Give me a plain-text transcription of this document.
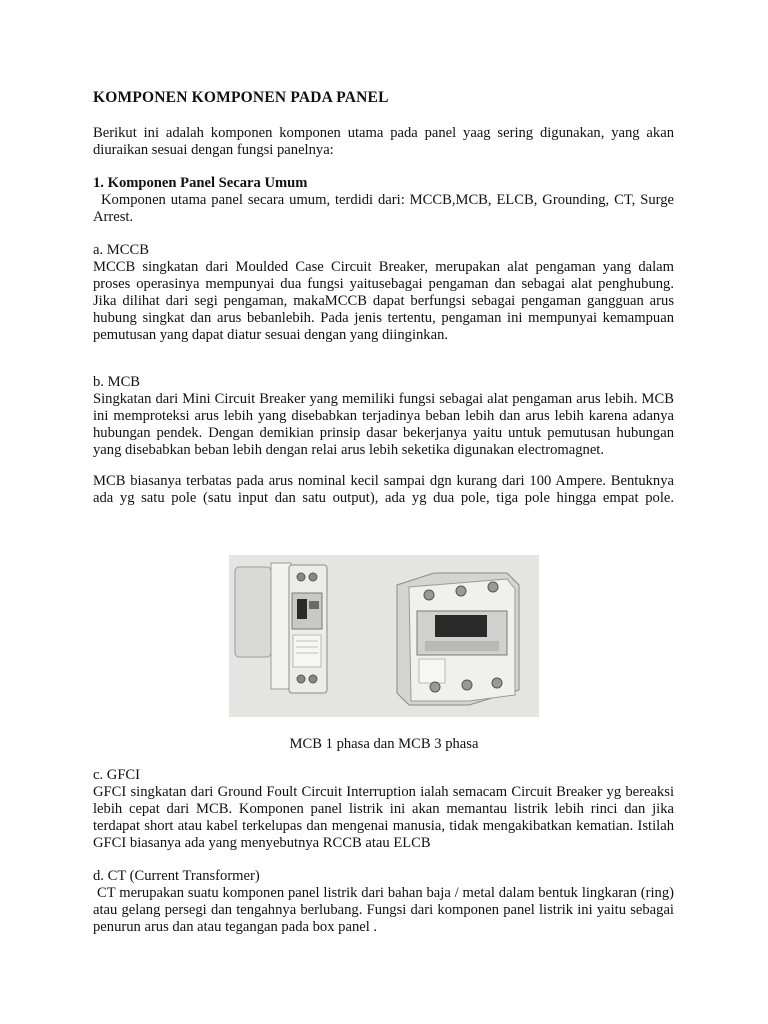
KOMPONEN KOMPONEN PADA PANEL

Berikut ini adalah komponen komponen utama pada panel yaag sering digunakan, yang akan diuraikan sesuai dengan fungsi panelnya:

1. Komponen Panel Secara Umum

Komponen utama panel secara umum, terdidi dari: MCCB,MCB, ELCB, Grounding, CT, Surge Arrest.

a. MCCB

MCCB singkatan dari Moulded Case Circuit Breaker, merupakan alat pengaman yang dalam proses operasinya mempunyai dua fungsi yaitusebagai pengaman dan sebagai alat penghubung. Jika dilihat dari segi pengaman, makaMCCB dapat berfungsi sebagai pengaman gangguan arus hubung singkat dan arus bebanlebih. Pada jenis tertentu, pengaman ini mempunyai kemampuan pemutusan yang dapat diatur sesuai dengan yang diinginkan.

b. MCB

Singkatan dari Mini Circuit Breaker yang memiliki fungsi sebagai alat pengaman arus lebih. MCB ini memproteksi arus lebih yang disebabkan terjadinya beban lebih dan arus lebih karena adanya hubungan pendek. Dengan demikian prinsip dasar bekerjanya yaitu untuk pemutusan hubungan yang disebabkan beban lebih dengan relai arus lebih seketika digunakan electromagnet.

MCB biasanya terbatas pada arus nominal kecil sampai dgn kurang dari 100 Ampere. Bentuknya ada yg satu pole (satu input dan satu output), ada yg dua pole, tiga pole hingga empat pole.

c. GFCI

GFCI singkatan dari Ground Foult Circuit Interruption ialah semacam Circuit Breaker yg bereaksi lebih cepat dari MCB. Komponen panel listrik ini akan memantau listrik lebih rinci dan jika terdapat short atau kabel terkelupas dan mengenai manusia, tidak mengakibatkan kematian. Istilah GFCI biasanya ada yang menyebutnya RCCB atau ELCB

d. CT (Current Transformer)

CT merupakan suatu komponen panel listrik dari bahan baja / metal dalam bentuk lingkaran (ring) atau gelang persegi dan tengahnya berlubang. Fungsi dari komponen panel listrik ini yaitu sebagai penurun arus dan atau tegangan pada box panel .

MCB 1 phasa dan MCB 3 phasa
